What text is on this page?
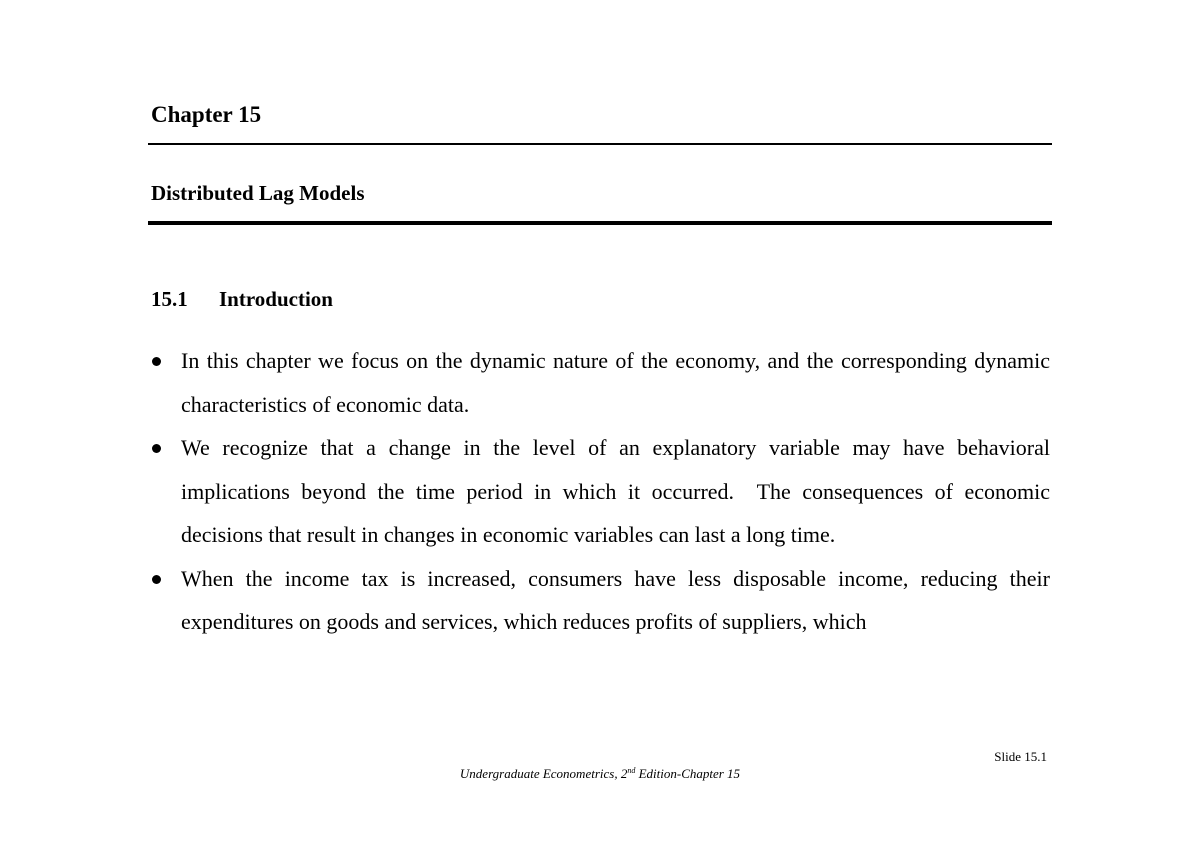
Chapter 15
Distributed Lag Models
15.1 Introduction
In this chapter we focus on the dynamic nature of the economy, and the corresponding dynamic characteristics of economic data.
We recognize that a change in the level of an explanatory variable may have behavioral implications beyond the time period in which it occurred.  The consequences of economic decisions that result in changes in economic variables can last a long time.
When the income tax is increased, consumers have less disposable income, reducing their expenditures on goods and services, which reduces profits of suppliers, which
Slide 15.1
Undergraduate Econometrics, 2nd Edition-Chapter 15
